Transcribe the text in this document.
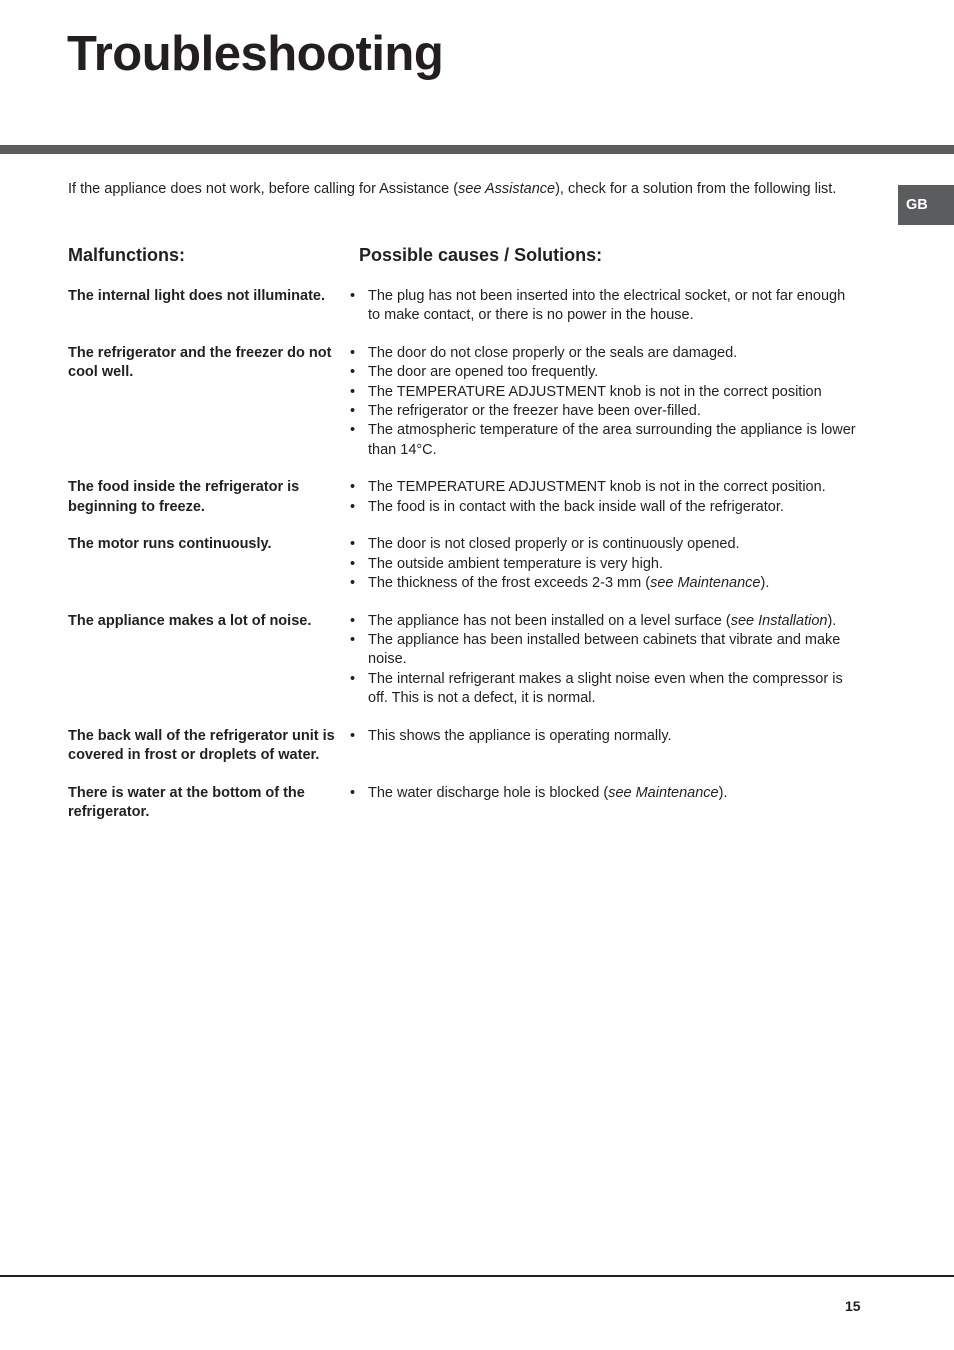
Troubleshooting

If the appliance does not work, before calling for Assistance (see Assistance), check for a solution from the following list.

GB
Malfunctions:	Possible causes / Solutions:
The internal light does not illuminate.	• The plug has not been inserted into the electrical socket, or not far enough to make contact, or there is no power in the house.
The refrigerator and the freezer do not cool well.
• The door do not close properly or the seals are damaged.
• The door are opened too frequently.
• The TEMPERATURE ADJUSTMENT knob is not in the correct position
• The refrigerator or the freezer have been over-filled.
• The atmospheric temperature of the area surrounding the appliance is lower than 14°C.
The food inside the refrigerator is beginning to freeze.
• The TEMPERATURE ADJUSTMENT knob is not in the correct position.
• The food is in contact with the back inside wall of the refrigerator.
The motor runs continuously.	• The door is not closed properly or is continuously opened.
• The outside ambient temperature is very high.
• The thickness of the frost exceeds 2-3 mm (see Maintenance).
The appliance makes a lot of noise.	• The appliance has not been installed on a level surface (see Installation).
• The appliance has been installed between cabinets that vibrate and make noise.
• The internal refrigerant makes a slight noise even when the compressor is off. This is not a defect, it is normal.
The back wall of the refrigerator unit is covered in frost or droplets of water.
• This shows the appliance is operating normally.
There is water at the bottom of the refrigerator.
• The water discharge hole is blocked (see Maintenance).
15
